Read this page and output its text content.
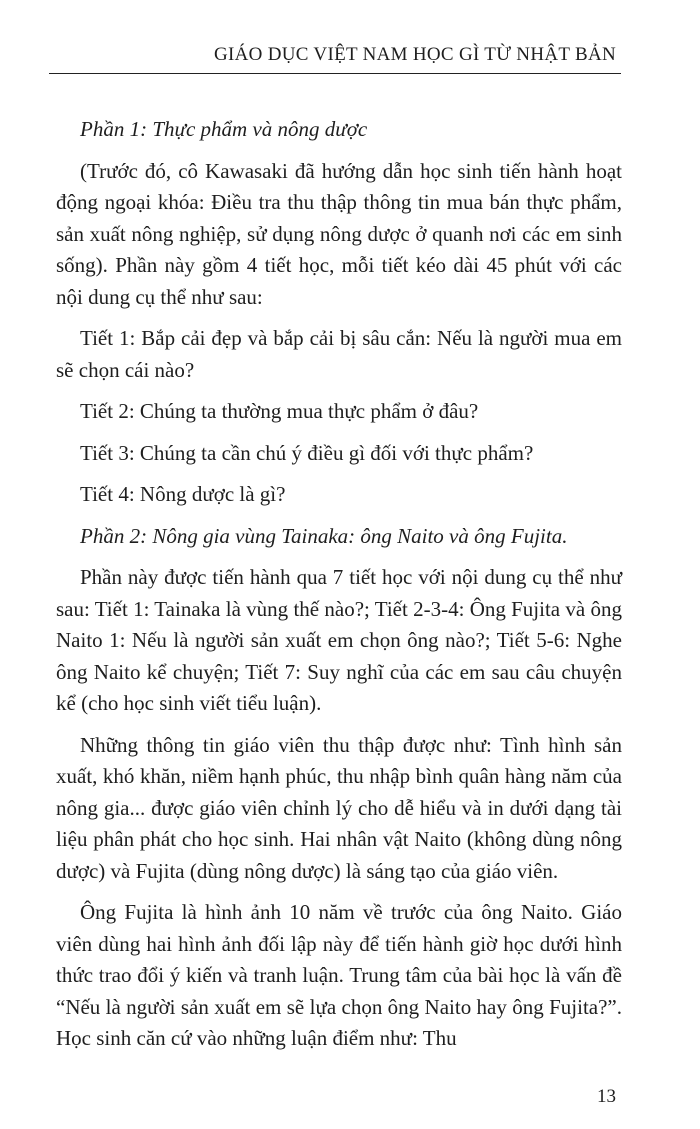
GIÁO DỤC VIỆT NAM HỌC GÌ TỪ NHẬT BẢN

Phần 1: Thực phẩm và nông dược

(Trước đó, cô Kawasaki đã hướng dẫn học sinh tiến hành hoạt động ngoại khóa: Điều tra thu thập thông tin mua bán thực phẩm, sản xuất nông nghiệp, sử dụng nông dược ở quanh nơi các em sinh sống). Phần này gồm 4 tiết học, mỗi tiết kéo dài 45 phút với các nội dung cụ thể như sau:

Tiết 1: Bắp cải đẹp và bắp cải bị sâu cắn: Nếu là người mua em sẽ chọn cái nào?

Tiết 2: Chúng ta thường mua thực phẩm ở đâu?

Tiết 3: Chúng ta cần chú ý điều gì đối với thực phẩm?

Tiết 4: Nông dược là gì?

Phần 2: Nông gia vùng Tainaka: ông Naito và ông Fujita.

Phần này được tiến hành qua 7 tiết học với nội dung cụ thể như sau: Tiết 1: Tainaka là vùng thế nào?; Tiết 2-3-4: Ông Fujita và ông Naito 1: Nếu là người sản xuất em chọn ông nào?; Tiết 5-6: Nghe ông Naito kể chuyện; Tiết 7: Suy nghĩ của các em sau câu chuyện kể (cho học sinh viết tiểu luận).

Những thông tin giáo viên thu thập được như: Tình hình sản xuất, khó khăn, niềm hạnh phúc, thu nhập bình quân hàng năm của nông gia... được giáo viên chỉnh lý cho dễ hiểu và in dưới dạng tài liệu phân phát cho học sinh. Hai nhân vật Naito (không dùng nông dược) và Fujita (dùng nông dược) là sáng tạo của giáo viên.

Ông Fujita là hình ảnh 10 năm về trước của ông Naito. Giáo viên dùng hai hình ảnh đối lập này để tiến hành giờ học dưới hình thức trao đổi ý kiến và tranh luận. Trung tâm của bài học là vấn đề “Nếu là người sản xuất em sẽ lựa chọn ông Naito hay ông Fujita?”. Học sinh căn cứ vào những luận điểm như: Thu

13
